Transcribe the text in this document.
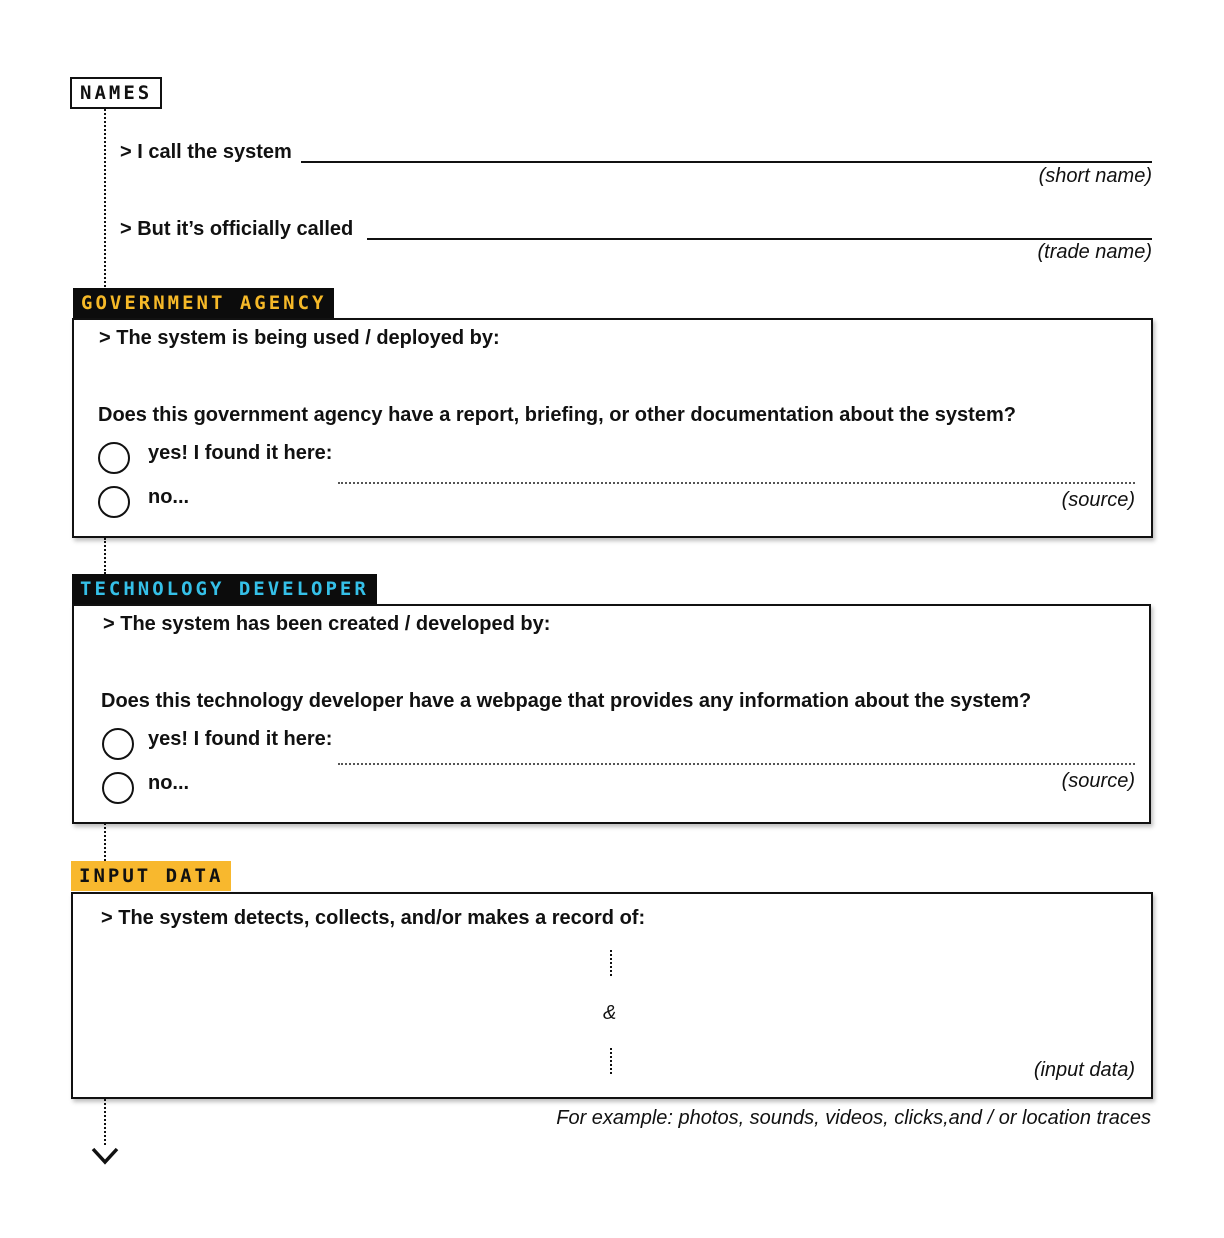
NAMES
> I call the system
(short name)
> But it’s officially called
(trade name)
GOVERNMENT AGENCY
> The system is being used / deployed by:
Does this government agency have a report, briefing, or other documentation about the system?
yes! I found it here:
no...	(source)
TECHNOLOGY DEVELOPER
> The system has been created / developed by:
Does this technology developer have a webpage that provides any information about the system?
yes! I found it here:
no...	(source)
INPUT DATA
> The system detects, collects, and/or makes a record of:
&
(input data)
For example: photos, sounds, videos, clicks,and / or location traces
